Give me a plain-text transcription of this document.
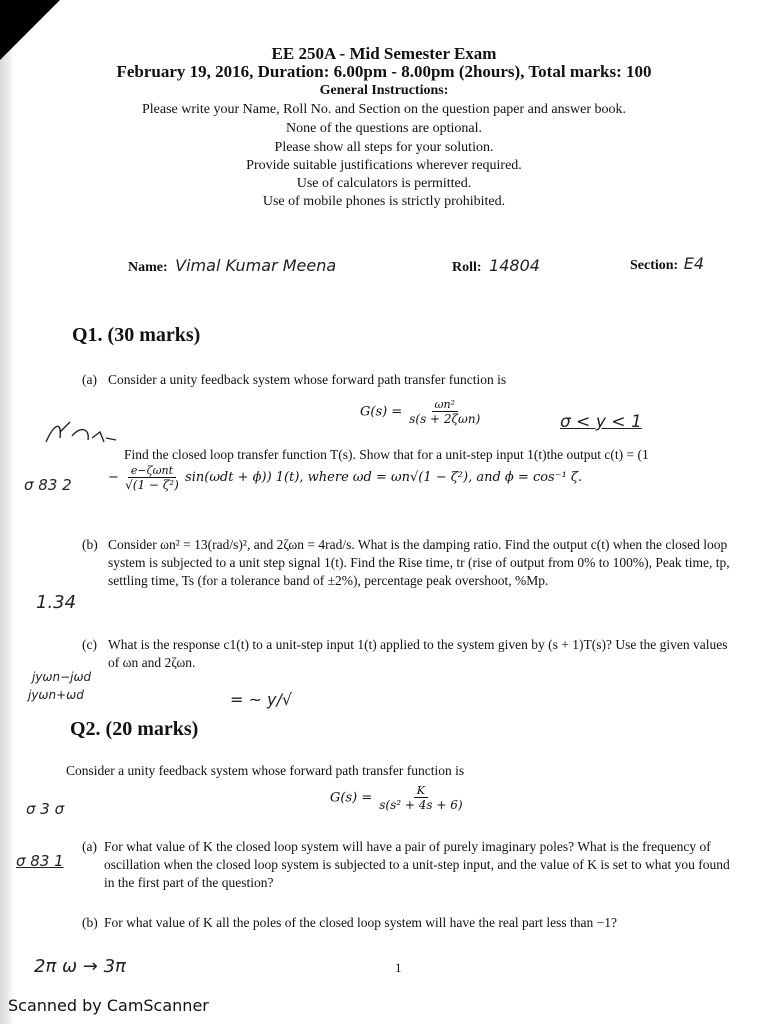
EE 250A - Mid Semester Exam
February 19, 2016, Duration: 6.00pm - 8.00pm (2hours), Total marks: 100
General Instructions:
Please write your Name, Roll No. and Section on the question paper and answer book.
None of the questions are optional.
Please show all steps for your solution.
Provide suitable justifications wherever required.
Use of calculators is permitted.
Use of mobile phones is strictly prohibited.
Name: Vimal Kumar Meena	Roll: 14804	Section: E4
Q1. (30 marks)
(a) Consider a unity feedback system whose forward path transfer function is
$G(s) = \frac{\text{ωn²}}{\text{s(s + 2ζωn)}}$	σ < y < 1
Find the closed loop transfer function T(s). Show that for a unit-step input 1(t)the output c(t) = (1
− $\frac{\text{e−ζωnt}}{\text{√(1 − ζ²)}} \sin(\omega dt + \phi)$) 1(t), where ωd = ωn√(1 − ζ²), and ϕ = cos⁻¹ ζ.
σ 83 2
(b) Consider ωn² = 13(rad/s)², and 2ζωn = 4rad/s. What is the damping ratio. Find the output c(t) when the closed loop system is subjected to a unit step signal 1(t). Find the Rise time, tr (rise of output from 0% to 100%), Peak time, tp, settling time, Ts (for a tolerance band of ±2%), percentage peak overshoot, %Mp.
1.34
(c) What is the response c1(t) to a unit-step input 1(t) applied to the system given by (s + 1)T(s)? Use the given values of ωn and 2ζωn.
jyωn−jωd
jyωn+ωd	= ~ y/√
Q2. (20 marks)
Consider a unity feedback system whose forward path transfer function is
$G(s) = \frac{K}{\text{s(s² + 4s + 6)}}$
σ 3 σ
σ 83 1
(a) For what value of K the closed loop system will have a pair of purely imaginary poles? What is the frequency of oscillation when the closed loop system is subjected to a unit-step input, and the value of K is set to what you found in the first part of the question?
(b) For what value of K all the poles of the closed loop system will have the real part less than −1?
2π ω → 3π	1
Scanned by CamScanner
